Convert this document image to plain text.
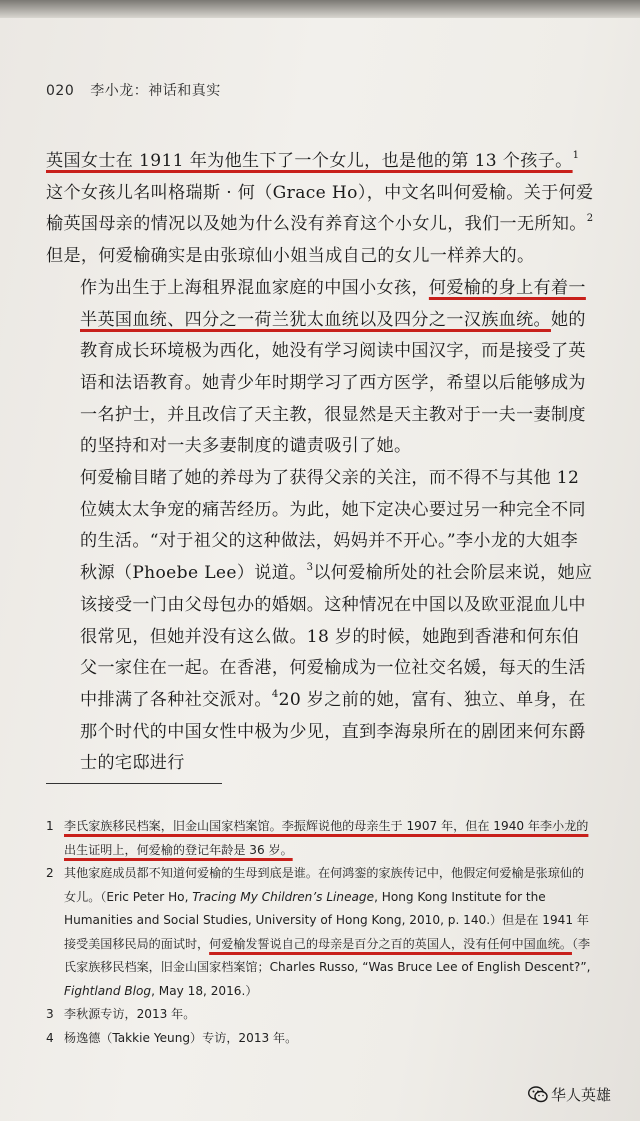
020 李小龙：神话和真实

英国女士在 1911 年为他生下了一个女儿，也是他的第 13 个孩子。$^1$这个女孩儿名叫格瑞斯 · 何（Grace Ho），中文名叫何爱榆。关于何爱榆英国母亲的情况以及她为什么没有养育这个小女儿，我们一无所知。$^2$但是，何爱榆确实是由张琼仙小姐当成自己的女儿一样养大的。

作为出生于上海租界混血家庭的中国小女孩，何爱榆的身上有着一半英国血统、四分之一荷兰犹太血统以及四分之一汉族血统。她的教育成长环境极为西化，她没有学习阅读中国汉字，而是接受了英语和法语教育。她青少年时期学习了西方医学，希望以后能够成为一名护士，并且改信了天主教，很显然是天主教对于一夫一妻制度的坚持和对一夫多妻制度的谴责吸引了她。

何爱榆目睹了她的养母为了获得父亲的关注，而不得不与其他 12 位姨太太争宠的痛苦经历。为此，她下定决心要过另一种完全不同的生活。“对于祖父的这种做法，妈妈并不开心。”李小龙的大姐李秋源（Phoebe Lee）说道。$^3$以何爱榆所处的社会阶层来说，她应该接受一门由父母包办的婚姻。这种情况在中国以及欧亚混血儿中很常见，但她并没有这么做。18 岁的时候，她跑到香港和何东伯父一家住在一起。在香港，何爱榆成为一位社交名媛，每天的生活中排满了各种社交派对。$^4$20 岁之前的她，富有、独立、单身，在那个时代的中国女性中极为少见，直到李海泉所在的剧团来何东爵士的宅邸进行

1 李氏家族移民档案，旧金山国家档案馆。李振辉说他的母亲生于 1907 年，但在 1940 年李小龙的出生证明上，何爱榆的登记年龄是 36 岁。

2 其他家庭成员都不知道何爱榆的生母到底是谁。在何鸿銮的家族传记中，他假定何爱榆是张琼仙的女儿。（Eric Peter Ho, Tracing My Children’s Lineage, Hong Kong Institute for the Humanities and Social Studies, University of Hong Kong, 2010, p. 140.）但是在 1941 年接受美国移民局的面试时，何爱榆发誓说自己的母亲是百分之百的英国人，没有任何中国血统。（李氏家族移民档案，旧金山国家档案馆；Charles Russo, “Was Bruce Lee of English Descent?”, Fightland Blog, May 18, 2016.）

3 李秋源专访，2013 年。

4 杨逸德（Takkie Yeung）专访，2013 年。

华人英雄
